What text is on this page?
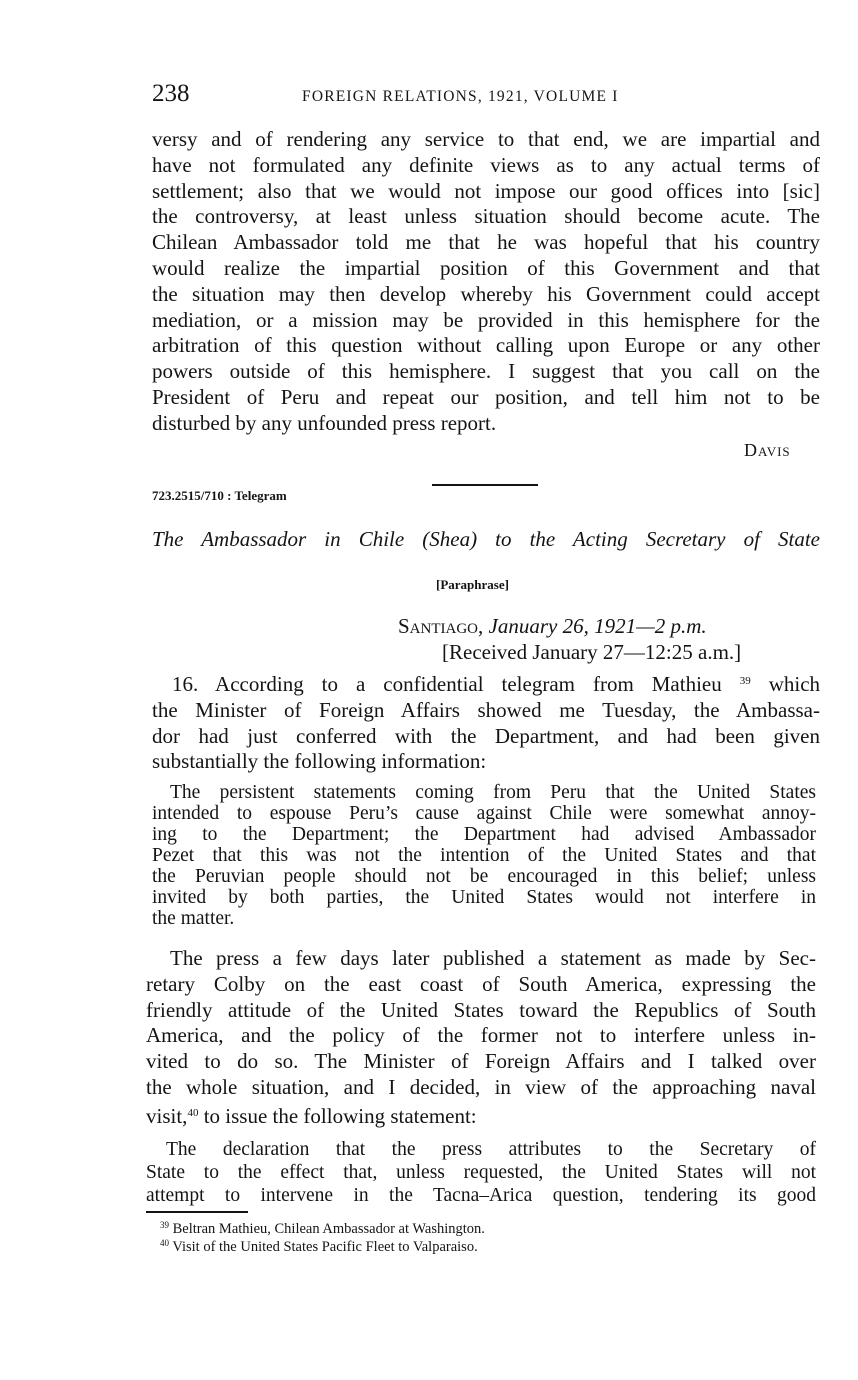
238	FOREIGN RELATIONS, 1921, VOLUME I
versy and of rendering any service to that end, we are impartial and
have not formulated any definite views as to any actual terms of
settlement; also that we would not impose our good offices into [sic]
the controversy, at least unless situation should become acute. The
Chilean Ambassador told me that he was hopeful that his country
would realize the impartial position of this Government and that
the situation may then develop whereby his Government could accept
mediation, or a mission may be provided in this hemisphere for the
arbitration of this question without calling upon Europe or any other
powers outside of this hemisphere. I suggest that you call on the
President of Peru and repeat our position, and tell him not to be
disturbed by any unfounded press report.
Davis
723.2515/710 : Telegram
The Ambassador in Chile (Shea) to the Acting Secretary of State
[Paraphrase]
Santiago, January 26, 1921—2 p.m.
[Received January 27—12:25 a.m.]
16. According to a confidential telegram from Mathieu $^{39}$ which
the Minister of Foreign Affairs showed me Tuesday, the Ambassa-
dor had just conferred with the Department, and had been given
substantially the following information:
The persistent statements coming from Peru that the United States
intended to espouse Peru’s cause against Chile were somewhat annoy-
ing to the Department; the Department had advised Ambassador
Pezet that this was not the intention of the United States and that
the Peruvian people should not be encouraged in this belief; unless
invited by both parties, the United States would not interfere in
the matter.
The press a few days later published a statement as made by Sec-
retary Colby on the east coast of South America, expressing the
friendly attitude of the United States toward the Republics of South
America, and the policy of the former not to interfere unless in-
vited to do so. The Minister of Foreign Affairs and I talked over
the whole situation, and I decided, in view of the approaching naval
visit,$^{40}$ to issue the following statement:
The declaration that the press attributes to the Secretary of
State to the effect that, unless requested, the United States will not
attempt to intervene in the Tacna–Arica question, tendering its good
$^{39}$ Beltran Mathieu, Chilean Ambassador at Washington.
$^{40}$ Visit of the United States Pacific Fleet to Valparaiso.
